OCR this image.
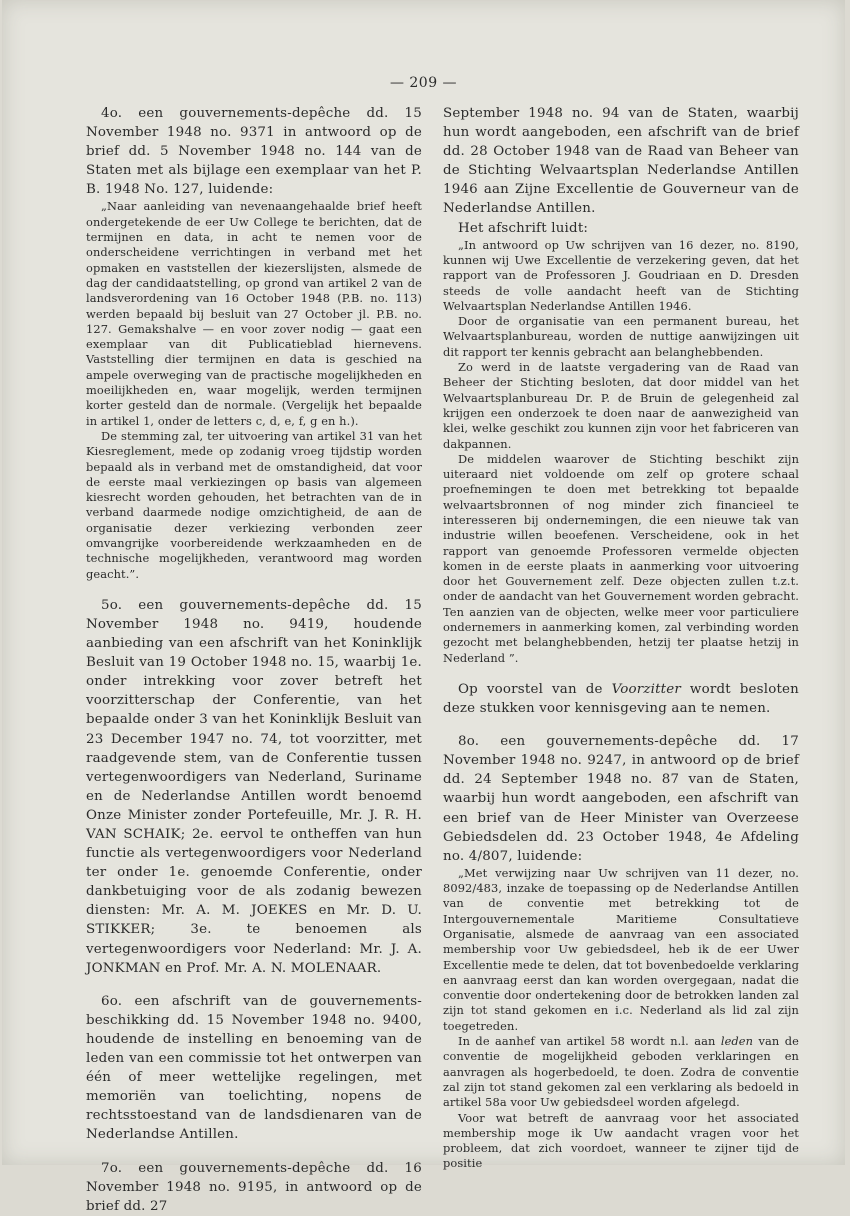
— 209 —

4o. een gouvernements-depêche dd. 15 November 1948 no. 9371 in antwoord op de brief dd. 5 November 1948 no. 144 van de Staten met als bijlage een exemplaar van het P. B. 1948 No. 127, luidende:

„Naar aanleiding van nevenaangehaalde brief heeft ondergetekende de eer Uw College te berichten, dat de termijnen en data, in acht te nemen voor de onderscheidene verrichtingen in verband met het opmaken en vaststellen der kiezerslijsten, alsmede de dag der candidaatstelling, op grond van artikel 2 van de landsverordening van 16 October 1948 (P.B. no. 113) werden bepaald bij besluit van 27 October jl. P.B. no. 127. Gemakshalve — en voor zover nodig — gaat een exemplaar van dit Publicatieblad hiernevens. Vaststelling dier termijnen en data is geschied na ampele overweging van de practische mogelijkheden en moeilijkheden en, waar mogelijk, werden termijnen korter gesteld dan de normale. (Vergelijk het bepaalde in artikel 1, onder de letters c, d, e, f, g en h.).

De stemming zal, ter uitvoering van artikel 31 van het Kiesreglement, mede op zodanig vroeg tijdstip worden bepaald als in verband met de omstandigheid, dat voor de eerste maal verkiezingen op basis van algemeen kiesrecht worden gehouden, het betrachten van de in verband daarmede nodige omzichtigheid, de aan de organisatie dezer verkiezing verbonden zeer omvangrijke voorbereidende werkzaamheden en de technische mogelijkheden, verantwoord mag worden geacht.”.

5o. een gouvernements-depêche dd. 15 November 1948 no. 9419, houdende aanbieding van een afschrift van het Koninklijk Besluit van 19 October 1948 no. 15, waarbij 1e. onder intrekking voor zover betreft het voorzitterschap der Conferentie, van het bepaalde onder 3 van het Koninklijk Besluit van 23 December 1947 no. 74, tot voorzitter, met raadgevende stem, van de Conferentie tussen vertegenwoordigers van Nederland, Suriname en de Nederlandse Antillen wordt benoemd Onze Minister zonder Portefeuille, Mr. J. R. H. VAN SCHAIK; 2e. eervol te ontheffen van hun functie als vertegenwoordigers voor Nederland ter onder 1e. genoemde Conferentie, onder dankbetuiging voor de als zodanig bewezen diensten: Mr. A. M. JOEKES en Mr. D. U. STIKKER; 3e. te benoemen als vertegenwoordigers voor Nederland: Mr. J. A. JONKMAN en Prof. Mr. A. N. MOLENAAR.

6o. een afschrift van de gouvernements-beschikking dd. 15 November 1948 no. 9400, houdende de instelling en benoeming van de leden van een commissie tot het ontwerpen van één of meer wettelijke regelingen, met memoriën van toelichting, nopens de rechtsstoestand van de landsdienaren van de Nederlandse Antillen.

7o. een gouvernements-depêche dd. 16 November 1948 no. 9195, in antwoord op de brief dd. 27

September 1948 no. 94 van de Staten, waarbij hun wordt aangeboden, een afschrift van de brief dd. 28 October 1948 van de Raad van Beheer van de Stichting Welvaartsplan Nederlandse Antillen 1946 aan Zijne Excellentie de Gouverneur van de Nederlandse Antillen.

Het afschrift luidt:

„In antwoord op Uw schrijven van 16 dezer, no. 8190, kunnen wij Uwe Excellentie de verzekering geven, dat het rapport van de Professoren J. Goudriaan en D. Dresden steeds de volle aandacht heeft van de Stichting Welvaartsplan Nederlandse Antillen 1946.

Door de organisatie van een permanent bureau, het Welvaartsplanbureau, worden de nuttige aanwijzingen uit dit rapport ter kennis gebracht aan belanghebbenden.

Zo werd in de laatste vergadering van de Raad van Beheer der Stichting besloten, dat door middel van het Welvaartsplanbureau Dr. P. de Bruin de gelegenheid zal krijgen een onderzoek te doen naar de aanwezigheid van klei, welke geschikt zou kunnen zijn voor het fabriceren van dakpannen.

De middelen waarover de Stichting beschikt zijn uiteraard niet voldoende om zelf op grotere schaal proefnemingen te doen met betrekking tot bepaalde welvaartsbronnen of nog minder zich financieel te interesseren bij ondernemingen, die een nieuwe tak van industrie willen beoefenen. Verscheidene, ook in het rapport van genoemde Professoren vermelde objecten komen in de eerste plaats in aanmerking voor uitvoering door het Gouvernement zelf. Deze objecten zullen t.z.t. onder de aandacht van het Gouvernement worden gebracht. Ten aanzien van de objecten, welke meer voor particuliere ondernemers in aanmerking komen, zal verbinding worden gezocht met belanghebbenden, hetzij ter plaatse hetzij in Nederland ”.

Op voorstel van de Voorzitter wordt besloten deze stukken voor kennisgeving aan te nemen.

8o. een gouvernements-depêche dd. 17 November 1948 no. 9247, in antwoord op de brief dd. 24 September 1948 no. 87 van de Staten, waarbij hun wordt aangeboden, een afschrift van een brief van de Heer Minister van Overzeese Gebiedsdelen dd. 23 October 1948, 4e Afdeling no. 4/807, luidende:

„Met verwijzing naar Uw schrijven van 11 dezer, no. 8092/483, inzake de toepassing op de Nederlandse Antillen van de conventie met betrekking tot de Intergouvernementale Maritieme Consultatieve Organisatie, alsmede de aanvraag van een associated membership voor Uw gebiedsdeel, heb ik de eer Uwer Excellentie mede te delen, dat tot bovenbedoelde verklaring en aanvraag eerst dan kan worden overgegaan, nadat die conventie door ondertekening door de betrokken landen zal zijn tot stand gekomen en i.c. Nederland als lid zal zijn toegetreden.

In de aanhef van artikel 58 wordt n.l. aan leden van de conventie de mogelijkheid geboden verklaringen en aanvragen als hogerbedoeld, te doen. Zodra de conventie zal zijn tot stand gekomen zal een verklaring als bedoeld in artikel 58a voor Uw gebiedsdeel worden afgelegd.

Voor wat betreft de aanvraag voor het associated membership moge ik Uw aandacht vragen voor het probleem, dat zich voordoet, wanneer te zijner tijd de positie
